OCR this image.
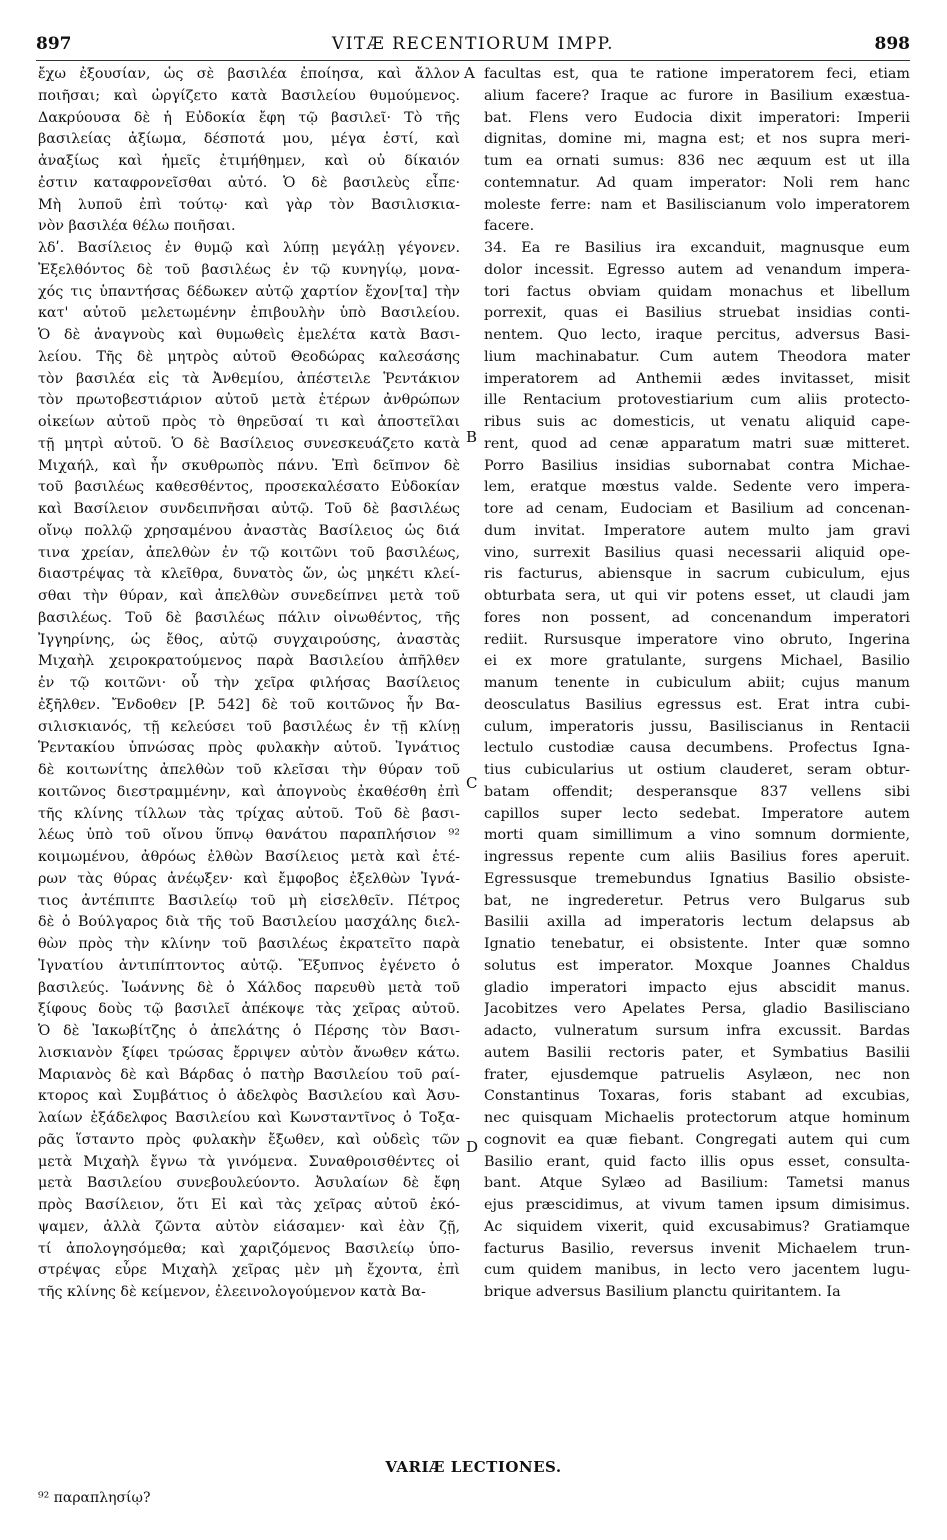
897	VITÆ RECENTIORUM IMPP.	898
ἔχω ἐξουσίαν, ὡς σὲ βασιλέα ἐποίησα, καὶ ἄλλον
ποιῆσαι; καὶ ὠργίζετο κατὰ Βασιλείου θυμούμενος.
Δακρύουσα δὲ ἡ Εὐδοκία ἔφη τῷ βασιλεῖ· Τὸ τῆς
βασιλείας ἀξίωμα, δέσποτά μου, μέγα ἐστί, καὶ
ἀναξίως καὶ ἡμεῖς ἐτιμήθημεν, καὶ οὐ δίκαιόν
ἐστιν καταφρονεῖσθαι αὐτό. Ὁ δὲ βασιλεὺς εἶπε·
Μὴ λυποῦ ἐπὶ τούτῳ· καὶ γὰρ τὸν Βασιλισκια-
νὸν βασιλέα θέλω ποιῆσαι.
λδʹ. Βασίλειος ἐν θυμῷ καὶ λύπῃ μεγάλῃ γέγονεν.
Ἐξελθόντος δὲ τοῦ βασιλέως ἐν τῷ κυνηγίῳ, μονα-
χός τις ὑπαντήσας δέδωκεν αὐτῷ χαρτίον ἔχον[τα] τὴν
κατ' αὐτοῦ μελετωμένην ἐπιβουλὴν ὑπὸ Βασιλείου.
Ὁ δὲ ἀναγνοὺς καὶ θυμωθεὶς ἐμελέτα κατὰ Βασι-
λείου. Τῆς δὲ μητρὸς αὐτοῦ Θεοδώρας καλεσάσης
τὸν βασιλέα εἰς τὰ Ἀνθεμίου, ἀπέστειλε Ῥεντάκιον
τὸν πρωτοβεστιάριον αὐτοῦ μετὰ ἑτέρων ἀνθρώπων
οἰκείων αὐτοῦ πρὸς τὸ θηρεῦσαί τι καὶ ἀποστεῖλαι
τῇ μητρὶ αὐτοῦ. Ὁ δὲ Βασίλειος συνεσκευάζετο κατὰ
Μιχαήλ, καὶ ἦν σκυθρωπὸς πάνυ. Ἐπὶ δεῖπνον δὲ
τοῦ βασιλέως καθεσθέντος, προσεκαλέσατο Εὐδοκίαν
καὶ Βασίλειον συνδειπνῆσαι αὐτῷ. Τοῦ δὲ βασιλέως
οἴνῳ πολλῷ χρησαμένου ἀναστὰς Βασίλειος ὡς διά
τινα χρείαν, ἀπελθὼν ἐν τῷ κοιτῶνι τοῦ βασιλέως,
διαστρέψας τὰ κλεῖθρα, δυνατὸς ὤν, ὡς μηκέτι κλεί-
σθαι τὴν θύραν, καὶ ἀπελθὼν συνεδείπνει μετὰ τοῦ
βασιλέως. Τοῦ δὲ βασιλέως πάλιν οἰνωθέντος, τῆς
Ἰγγηρίνης, ὡς ἔθος, αὐτῷ συγχαιρούσης, ἀναστὰς
Μιχαὴλ χειροκρατούμενος παρὰ Βασιλείου ἀπῆλθεν
ἐν τῷ κοιτῶνι· οὗ τὴν χεῖρα φιλήσας Βασίλειος
ἐξῆλθεν. Ἔνδοθεν [P. 542] δὲ τοῦ κοιτῶνος ἦν Βα-
σιλισκιανός, τῇ κελεύσει τοῦ βασιλέως ἐν τῇ κλίνῃ
Ῥεντακίου ὑπνώσας πρὸς φυλακὴν αὐτοῦ. Ἰγνάτιος
δὲ κοιτωνίτης ἀπελθὼν τοῦ κλεῖσαι τὴν θύραν τοῦ
κοιτῶνος διεστραμμένην, καὶ ἀπογνοὺς ἐκαθέσθη ἐπὶ
τῆς κλίνης τίλλων τὰς τρίχας αὐτοῦ. Τοῦ δὲ βασι-
λέως ὑπὸ τοῦ οἴνου ὕπνῳ θανάτου παραπλήσιον ⁹²
κοιμωμένου, ἀθρόως ἐλθὼν Βασίλειος μετὰ καὶ ἑτέ-
ρων τὰς θύρας ἀνέῳξεν· καὶ ἔμφοβος ἐξελθὼν Ἰγνά-
τιος ἀντέπιπτε Βασιλείῳ τοῦ μὴ εἰσελθεῖν. Πέτρος
δὲ ὁ Βούλγαρος διὰ τῆς τοῦ Βασιλείου μασχάλης διελ-
θὼν πρὸς τὴν κλίνην τοῦ βασιλέως ἐκρατεῖτο παρὰ
Ἰγνατίου ἀντιπίπτοντος αὐτῷ. Ἔξυπνος ἐγένετο ὁ
βασιλεύς. Ἰωάννης δὲ ὁ Χάλδος παρευθὺ μετὰ τοῦ
ξίφους δοὺς τῷ βασιλεῖ ἀπέκοψε τὰς χεῖρας αὐτοῦ.
Ὁ δὲ Ἰακωβίτζης ὁ ἀπελάτης ὁ Πέρσης τὸν Βασι-
λισκιανὸν ξίφει τρώσας ἔρριψεν αὐτὸν ἄνωθεν κάτω.
Μαριανὸς δὲ καὶ Βάρδας ὁ πατὴρ Βασιλείου τοῦ ραί-
κτορος καὶ Συμβάτιος ὁ ἀδελφὸς Βασιλείου καὶ Ἀσυ-
λαίων ἐξάδελφος Βασιλείου καὶ Κωνσταντῖνος ὁ Τοξα-
ρᾶς ἵσταντο πρὸς φυλακὴν ἔξωθεν, καὶ οὐδεὶς τῶν
μετὰ Μιχαὴλ ἔγνω τὰ γινόμενα. Συναθροισθέντες οἱ
μετὰ Βασιλείου συνεβουλεύοντο. Ἀσυλαίων δὲ ἔφη
πρὸς Βασίλειον, ὅτι Εἰ καὶ τὰς χεῖρας αὐτοῦ ἐκό-
ψαμεν, ἀλλὰ ζῶντα αὐτὸν εἰάσαμεν· καὶ ἐὰν ζῇ,
τί ἀπολογησόμεθα; καὶ χαριζόμενος Βασιλείῳ ὑπο-
στρέψας εὗρε Μιχαὴλ χεῖρας μὲν μὴ ἔχοντα, ἐπὶ
τῆς κλίνης δὲ κείμενον, ἐλεεινολογούμενον κατὰ Βα-
facultas est, qua te ratione imperatorem feci, etiam
alium facere? Iraque ac furore in Basilium exæstua-
bat. Flens vero Eudocia dixit imperatori: Imperii
dignitas, domine mi, magna est; et nos supra meri-
tum ea ornati sumus: 836 nec æquum est ut illa
contemnatur. Ad quam imperator: Noli rem hanc
moleste ferre: nam et Basiliscianum volo imperatorem
facere.
34. Ea re Basilius ira excanduit, magnusque eum
dolor incessit. Egresso autem ad venandum impera-
tori factus obviam quidam monachus et libellum
porrexit, quas ei Basilius struebat insidias conti-
nentem. Quo lecto, iraque percitus, adversus Basi-
lium machinabatur. Cum autem Theodora mater
imperatorem ad Anthemii ædes invitasset, misit
ille Rentacium protovestiarium cum aliis protecto-
ribus suis ac domesticis, ut venatu aliquid cape-
rent, quod ad cenæ apparatum matri suæ mitteret.
Porro Basilius insidias subornabat contra Michae-
lem, eratque mœstus valde. Sedente vero impera-
tore ad cenam, Eudociam et Basilium ad concenan-
dum invitat. Imperatore autem multo jam gravi
vino, surrexit Basilius quasi necessarii aliquid ope-
ris facturus, abiensque in sacrum cubiculum, ejus
obturbata sera, ut qui vir potens esset, ut claudi jam
fores non possent, ad concenandum imperatori
rediit. Rursusque imperatore vino obruto, Ingerina
ei ex more gratulante, surgens Michael, Basilio
manum tenente in cubiculum abiit; cujus manum
deosculatus Basilius egressus est. Erat intra cubi-
culum, imperatoris jussu, Basiliscianus in Rentacii
lectulo custodiæ causa decumbens. Profectus Igna-
tius cubicularius ut ostium clauderet, seram obtur-
batam offendit; desperansque 837 vellens sibi
capillos super lecto sedebat. Imperatore autem
morti quam simillimum a vino somnum dormiente,
ingressus repente cum aliis Basilius fores aperuit.
Egressusque tremebundus Ignatius Basilio obsiste-
bat, ne ingrederetur. Petrus vero Bulgarus sub
Basilii axilla ad imperatoris lectum delapsus ab
Ignatio tenebatur, ei obsistente. Inter quæ somno
solutus est imperator. Moxque Joannes Chaldus
gladio imperatori impacto ejus abscidit manus.
Jacobitzes vero Apelates Persa, gladio Basilisciano
adacto, vulneratum sursum infra excussit. Bardas
autem Basilii rectoris pater, et Symbatius Basilii
frater, ejusdemque patruelis Asylæon, nec non
Constantinus Toxaras, foris stabant ad excubias,
nec quisquam Michaelis protectorum atque hominum
cognovit ea quæ fiebant. Congregati autem qui cum
Basilio erant, quid facto illis opus esset, consulta-
bant. Atque Sylæo ad Basilium: Tametsi manus
ejus præscidimus, at vivum tamen ipsum dimisimus.
Ac siquidem vixerit, quid excusabimus? Gratiamque
facturus Basilio, reversus invenit Michaelem trun-
cum quidem manibus, in lecto vero jacentem lugu-
brique adversus Basilium planctu quiritantem. Ia
A
B
C
D
VARIÆ LECTIONES.
⁹² παραπλησίῳ?
